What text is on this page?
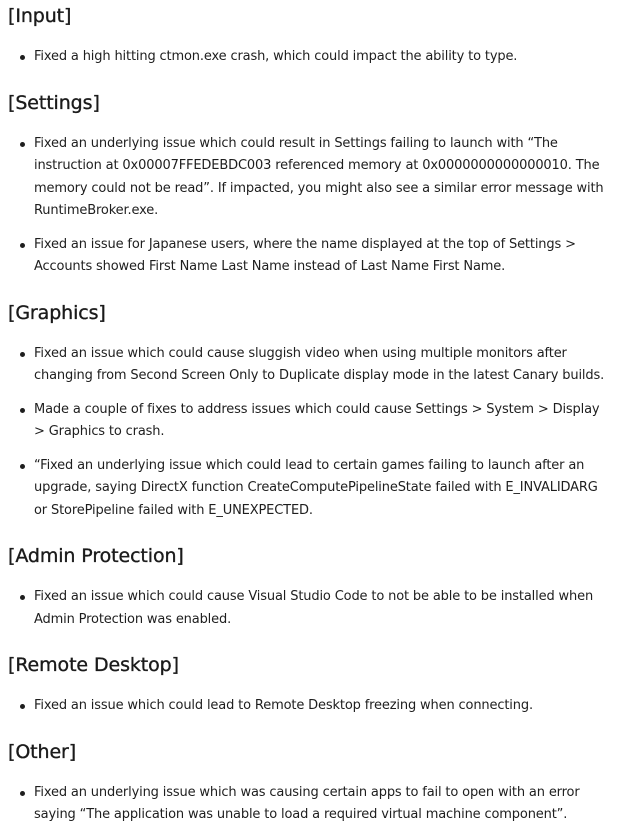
[Input]
Fixed a high hitting ctmon.exe crash, which could impact the ability to type.
[Settings]
Fixed an underlying issue which could result in Settings failing to launch with “The instruction at 0x00007FFEDEBDC003 referenced memory at 0x0000000000000010. The memory could not be read”. If impacted, you might also see a similar error message with RuntimeBroker.exe.
Fixed an issue for Japanese users, where the name displayed at the top of Settings > Accounts showed First Name Last Name instead of Last Name First Name.
[Graphics]
Fixed an issue which could cause sluggish video when using multiple monitors after changing from Second Screen Only to Duplicate display mode in the latest Canary builds.
Made a couple of fixes to address issues which could cause Settings > System > Display > Graphics to crash.
“Fixed an underlying issue which could lead to certain games failing to launch after an upgrade, saying DirectX function CreateComputePipelineState failed with E_INVALIDARG or StorePipeline failed with E_UNEXPECTED.
[Admin Protection]
Fixed an issue which could cause Visual Studio Code to not be able to be installed when Admin Protection was enabled.
[Remote Desktop]
Fixed an issue which could lead to Remote Desktop freezing when connecting.
[Other]
Fixed an underlying issue which was causing certain apps to fail to open with an error saying “The application was unable to load a required virtual machine component”.
